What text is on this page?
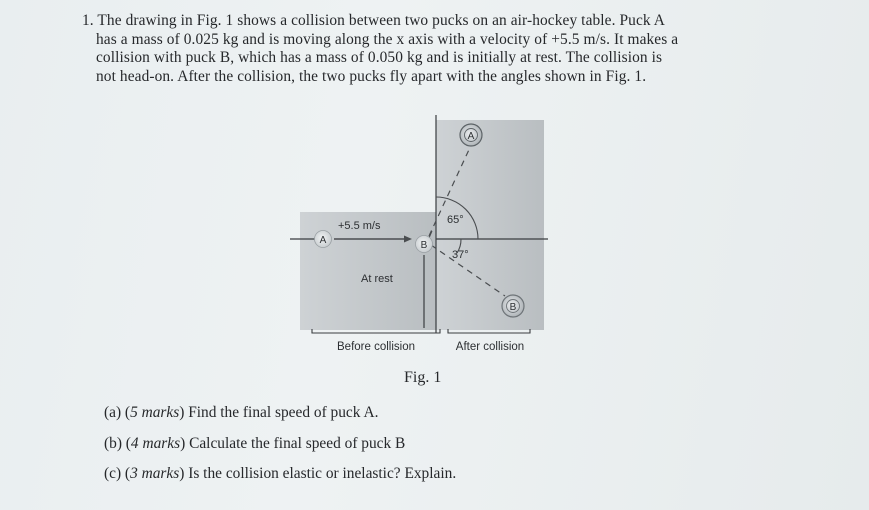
1. The drawing in Fig. 1 shows a collision between two pucks on an air-hockey table. Puck A
has a mass of 0.025 kg and is moving along the x axis with a velocity of +5.5 m/s. It makes a
collision with puck B, which has a mass of 0.050 kg and is initially at rest. The collision is
not head-on. After the collision, the two pucks fly apart with the angles shown in Fig. 1.
A	B
A
B
+5.5 m/s
At rest
65°
37°
Before collision	After collision
Fig. 1
(a) (5 marks) Find the final speed of puck A.
(b) (4 marks) Calculate the final speed of puck B
(c) (3 marks) Is the collision elastic or inelastic? Explain.
